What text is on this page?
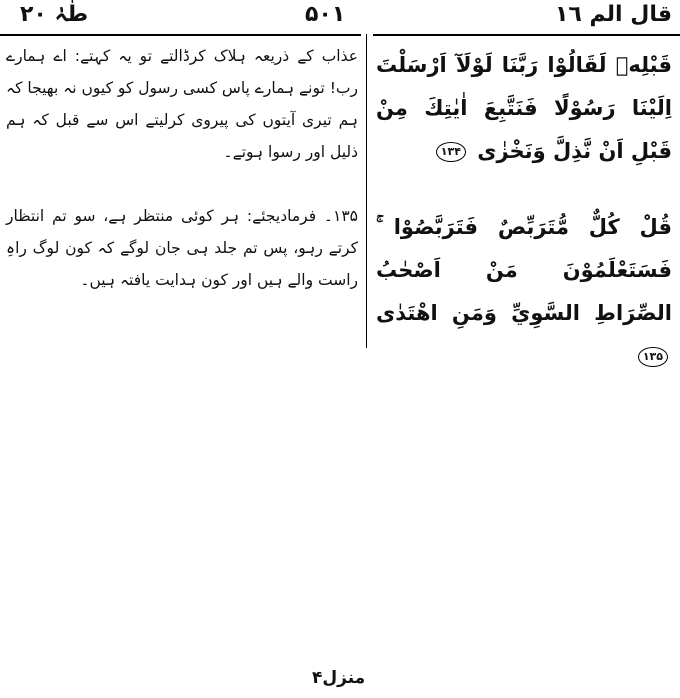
طٰہٰ ۲۰	۵۰۱	قال الم ١٦
عذاب کے ذریعہ ہلاک کرڈالتے تو یہ کہتے: اے ہمارے رب! تونے ہمارے پاس کسی رسول کو کیوں نہ بھیجا کہ ہم تیری آیتوں کی پیروی کرلیتے اس سے قبل کہ ہم ذلیل اور رسوا ہوتے۔
۱۳۵۔ فرمادیجئے: ہر کوئی منتظر ہے، سو تم انتظار کرتے رہو، پس تم جلد ہی جان لوگے کہ کون لوگ راہِ راست والے ہیں اور کون ہدایت یافتہ ہیں۔
قَبْلِهٖ لَقَالُوْا رَبَّنَا لَوْلَآ اَرْسَلْتَ اِلَيْنَا رَسُوْلًا فَنَتَّبِعَ اٰيٰتِكَ مِنْ قَبْلِ اَنْ نَّذِلَّ وَنَخْزٰى ۱۳۴
قُلْ كُلٌّ مُّتَرَبِّصٌ فَتَرَبَّصُوْا ۚ فَسَتَعْلَمُوْنَ مَنْ اَصْحٰبُ الصِّرَاطِ السَّوِيِّ وَمَنِ اهْتَدٰى ۱۳۵
منزل۴
